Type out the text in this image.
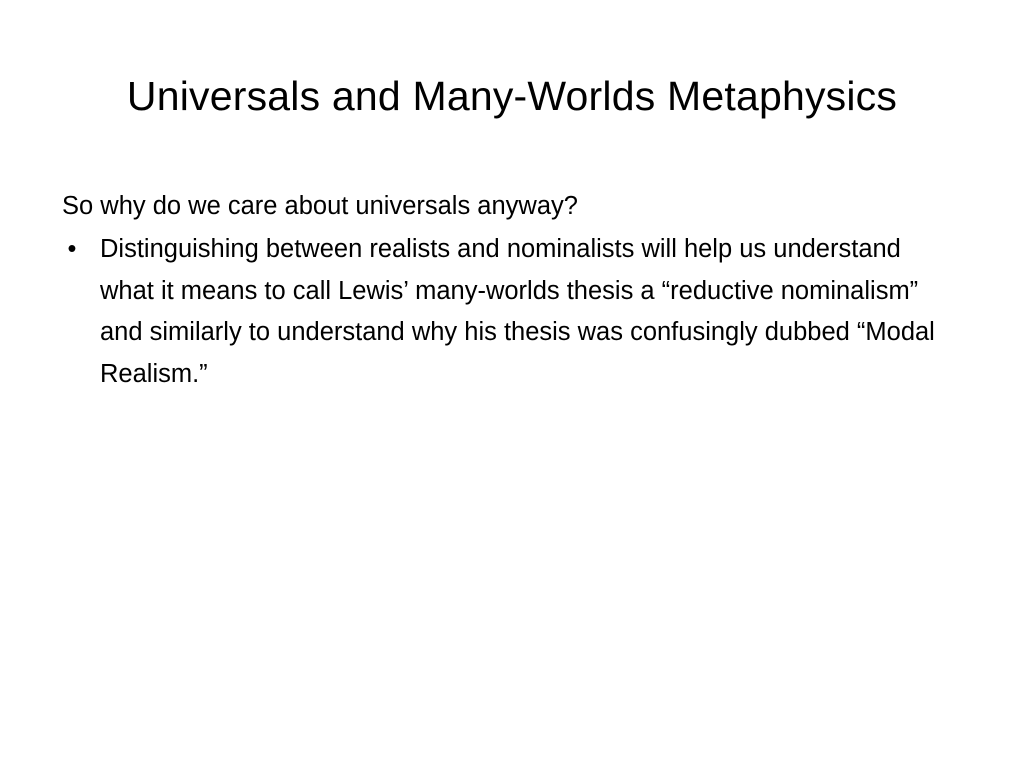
Universals and Many-Worlds Metaphysics

So why do we care about universals anyway?

• Distinguishing between realists and nominalists will help us understand what it means to call Lewis’ many-worlds thesis a “reductive nominalism” and similarly to understand why his thesis was confusingly dubbed “Modal Realism.”
